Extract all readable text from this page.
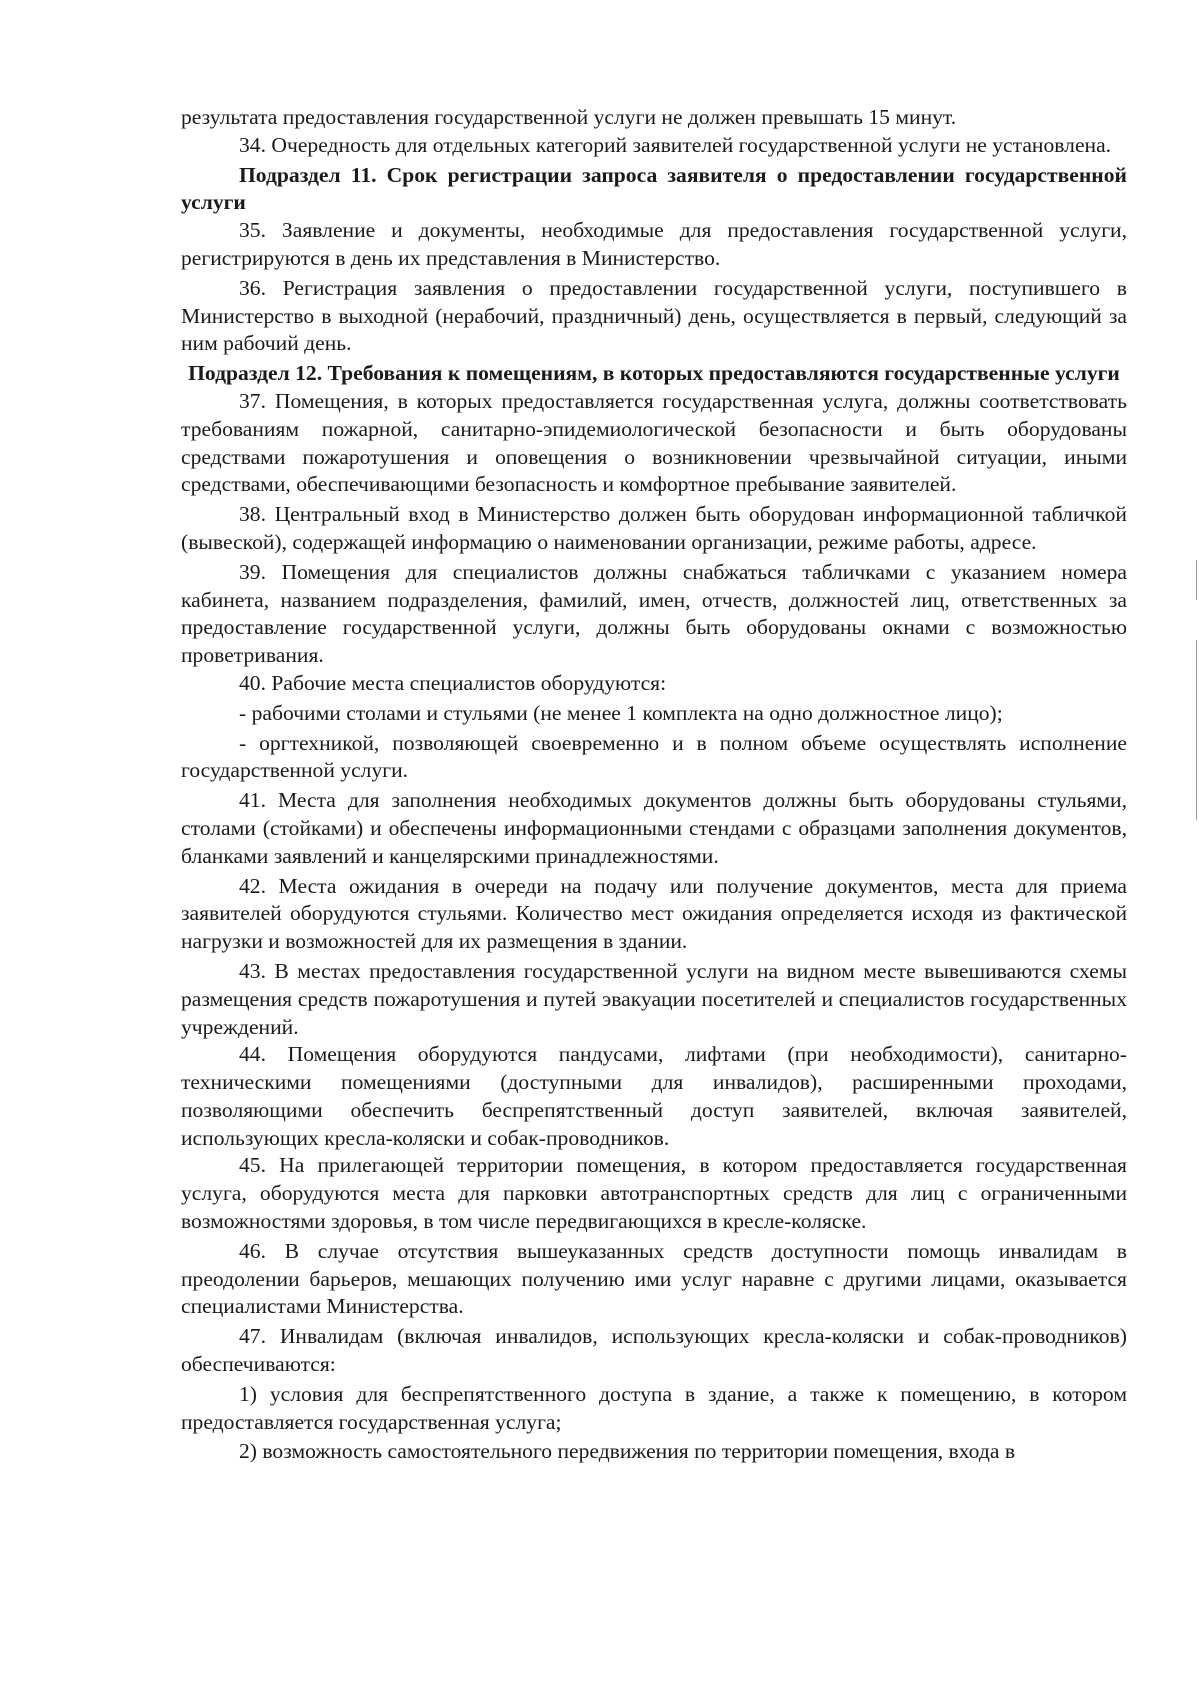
результата предоставления государственной услуги не должен превышать 15 минут.

34. Очередность для отдельных категорий заявителей государственной услуги не установлена.

Подраздел 11. Срок регистрации запроса заявителя о предоставлении государственной услуги

35. Заявление и документы, необходимые для предоставления государственной услуги, регистрируются в день их представления в Министерство.

36. Регистрация заявления о предоставлении государственной услуги, поступившего в Министерство в выходной (нерабочий, праздничный) день, осуществляется в первый, следующий за ним рабочий день.

Подраздел 12. Требования к помещениям, в которых предоставляются государственные услуги

37. Помещения, в которых предоставляется государственная услуга, должны соответствовать требованиям пожарной, санитарно-эпидемиологической безопасности и быть оборудованы средствами пожаротушения и оповещения о возникновении чрезвычайной ситуации, иными средствами, обеспечивающими безопасность и комфортное пребывание заявителей.

38. Центральный вход в Министерство должен быть оборудован информационной табличкой (вывеской), содержащей информацию о наименовании организации, режиме работы, адресе.

39. Помещения для специалистов должны снабжаться табличками с указанием номера кабинета, названием подразделения, фамилий, имен, отчеств, должностей лиц, ответственных за предоставление государственной услуги, должны быть оборудованы окнами с возможностью проветривания.

40. Рабочие места специалистов оборудуются:

- рабочими столами и стульями (не менее 1 комплекта на одно должностное лицо);

- оргтехникой, позволяющей своевременно и в полном объеме осуществлять исполнение государственной услуги.

41. Места для заполнения необходимых документов должны быть оборудованы стульями, столами (стойками) и обеспечены информационными стендами с образцами заполнения документов, бланками заявлений и канцелярскими принадлежностями.

42. Места ожидания в очереди на подачу или получение документов, места для приема заявителей оборудуются стульями. Количество мест ожидания определяется исходя из фактической нагрузки и возможностей для их размещения в здании.

43. В местах предоставления государственной услуги на видном месте вывешиваются схемы размещения средств пожаротушения и путей эвакуации посетителей и специалистов государственных учреждений.

44. Помещения оборудуются пандусами, лифтами (при необходимости), санитарно-техническими помещениями (доступными для инвалидов), расширенными проходами, позволяющими обеспечить беспрепятственный доступ заявителей, включая заявителей, использующих кресла-коляски и собак-проводников.

45. На прилегающей территории помещения, в котором предоставляется государственная услуга, оборудуются места для парковки автотранспортных средств для лиц с ограниченными возможностями здоровья, в том числе передвигающихся в кресле-коляске.

46. В случае отсутствия вышеуказанных средств доступности помощь инвалидам в преодолении барьеров, мешающих получению ими услуг наравне с другими лицами, оказывается специалистами Министерства.

47. Инвалидам (включая инвалидов, использующих кресла-коляски и собак-проводников) обеспечиваются:

1) условия для беспрепятственного доступа в здание, а также к помещению, в котором предоставляется государственная услуга;

2) возможность самостоятельного передвижения по территории помещения, входа в
